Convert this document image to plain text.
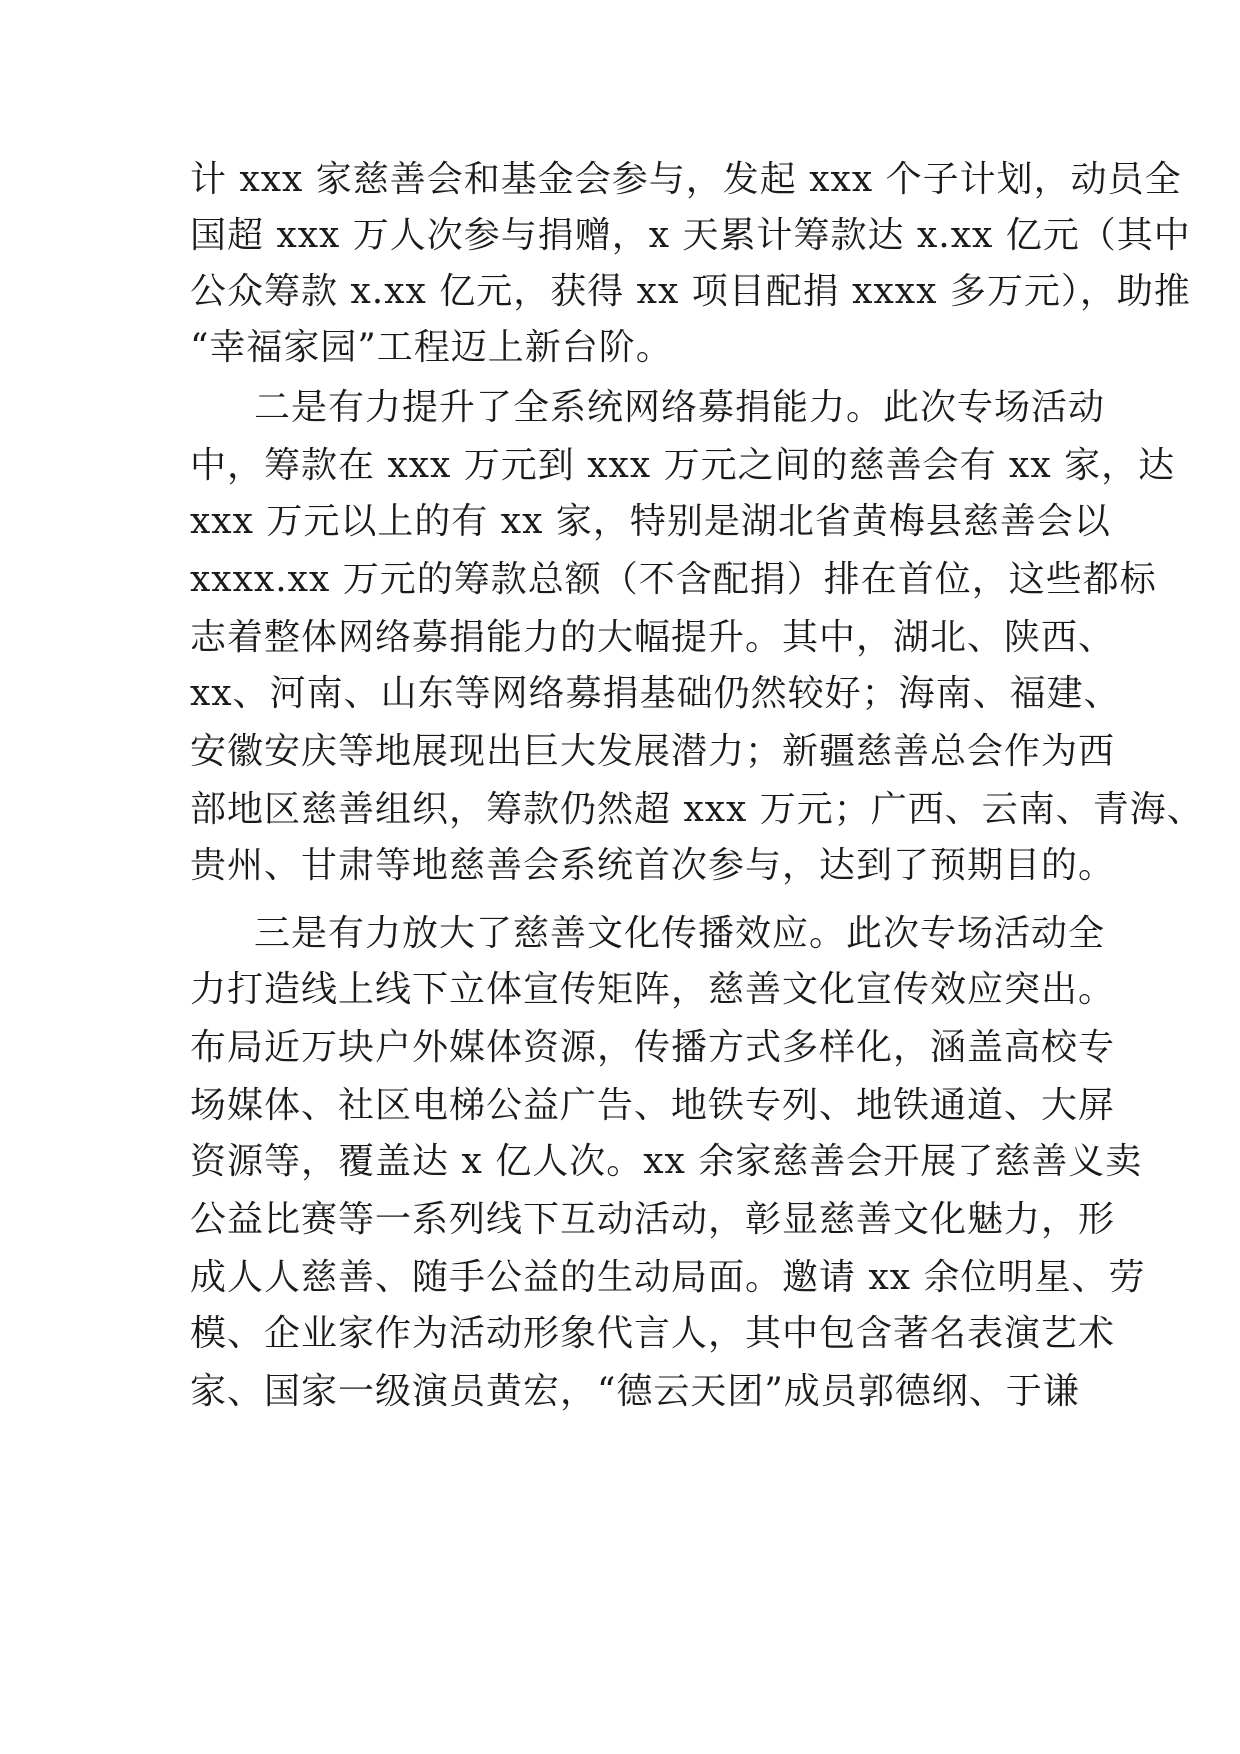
计 xxx 家慈善会和基金会参与，发起 xxx 个子计划，动员全
国超 xxx 万人次参与捐赠，x 天累计筹款达 x.xx 亿元（其中
公众筹款 x.xx 亿元，获得 xx 项目配捐 xxxx 多万元），助推
“幸福家园”工程迈上新台阶。
二是有力提升了全系统网络募捐能力。此次专场活动
中，筹款在 xxx 万元到 xxx 万元之间的慈善会有 xx 家，达
xxx 万元以上的有 xx 家，特别是湖北省黄梅县慈善会以
xxxx.xx 万元的筹款总额（不含配捐）排在首位，这些都标
志着整体网络募捐能力的大幅提升。其中，湖北、陕西、
xx、河南、山东等网络募捐基础仍然较好；海南、福建、
安徽安庆等地展现出巨大发展潜力；新疆慈善总会作为西
部地区慈善组织，筹款仍然超 xxx 万元；广西、云南、青海、
贵州、甘肃等地慈善会系统首次参与，达到了预期目的。
三是有力放大了慈善文化传播效应。此次专场活动全
力打造线上线下立体宣传矩阵，慈善文化宣传效应突出。
布局近万块户外媒体资源，传播方式多样化，涵盖高校专
场媒体、社区电梯公益广告、地铁专列、地铁通道、大屏
资源等，覆盖达 x 亿人次。xx 余家慈善会开展了慈善义卖
公益比赛等一系列线下互动活动，彰显慈善文化魅力，形
成人人慈善、随手公益的生动局面。邀请 xx 余位明星、劳
模、企业家作为活动形象代言人，其中包含著名表演艺术
家、国家一级演员黄宏，“德云天团”成员郭德纲、于谦
